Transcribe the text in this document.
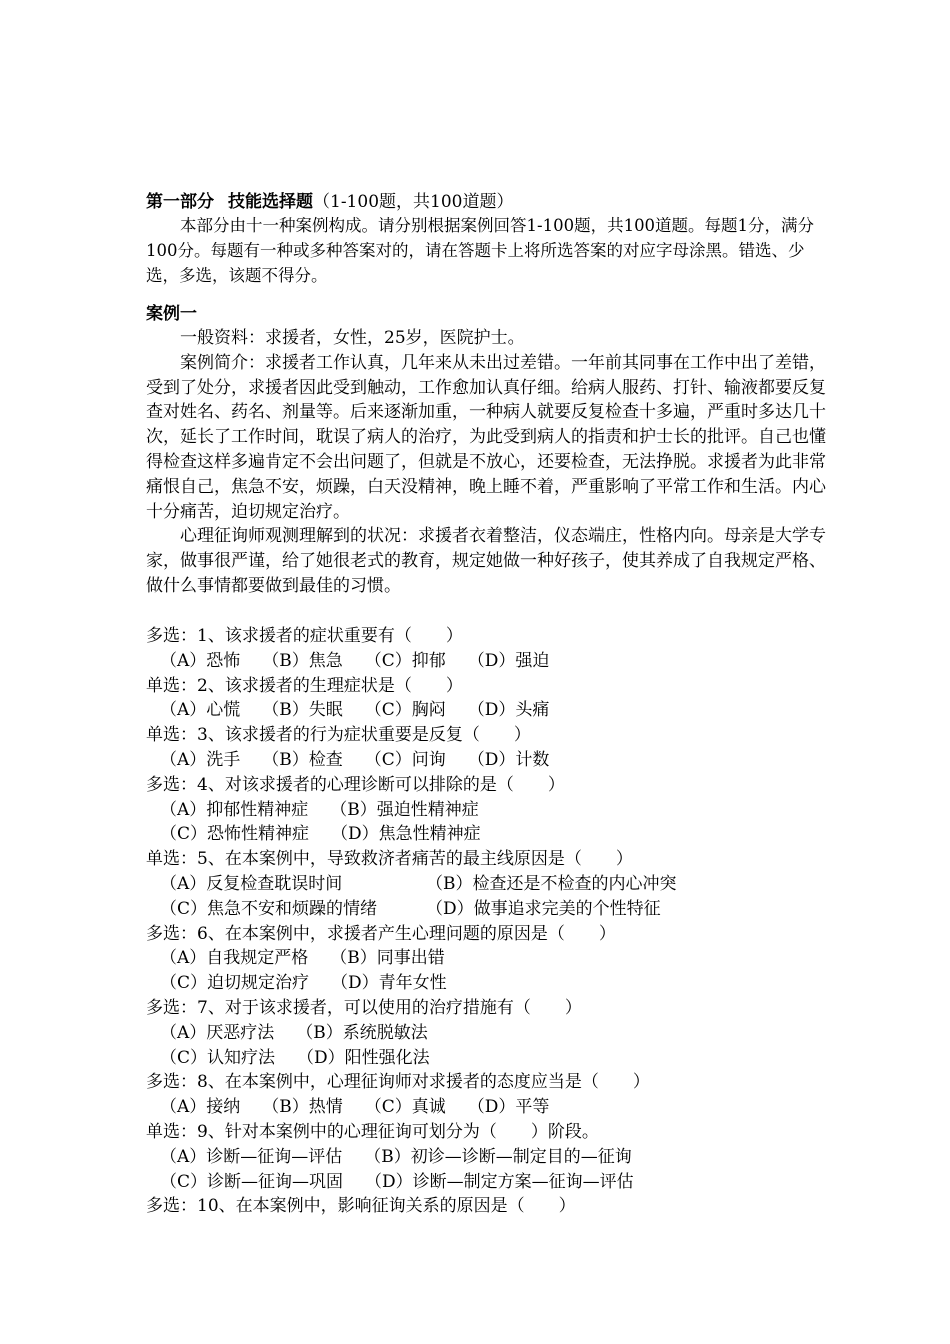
第一部分 技能选择题（1-100题，共100道题）
本部分由十一种案例构成。请分别根据案例回答1-100题，共100道题。每题1分，满分100分。每题有一种或多种答案对的，请在答题卡上将所选答案的对应字母涂黑。错选、少选，多选，该题不得分。
案例一

一般资料：求援者，女性，25岁，医院护士。

案例简介：求援者工作认真，几年来从未出过差错。一年前其同事在工作中出了差错，受到了处分，求援者因此受到触动，工作愈加认真仔细。给病人服药、打针、输液都要反复查对姓名、药名、剂量等。后来逐渐加重，一种病人就要反复检查十多遍，严重时多达几十次，延长了工作时间，耽误了病人的治疗，为此受到病人的指责和护士长的批评。自己也懂得检查这样多遍肯定不会出问题了，但就是不放心，还要检查，无法挣脱。求援者为此非常痛恨自己，焦急不安，烦躁，白天没精神，晚上睡不着，严重影响了平常工作和生活。内心十分痛苦，迫切规定治疗。

心理征询师观测理解到的状况：求援者衣着整洁，仪态端庄，性格内向。母亲是大学专家，做事很严谨，给了她很老式的教育，规定她做一种好孩子，使其养成了自我规定严格、做什么事情都要做到最佳的习惯。

多选：1、该求援者的症状重要有（　　）

（A）恐怖 （B）焦急 （C）抑郁 （D）强迫

单选：2、该求援者的生理症状是（　　）

（A）心慌 （B）失眠 （C）胸闷 （D）头痛

单选：3、该求援者的行为症状重要是反复（　　）

（A）洗手 （B）检查 （C）问询 （D）计数

多选：4、对该求援者的心理诊断可以排除的是（　　）

（A）抑郁性精神症 （B）强迫性精神症

（C）恐怖性精神症 （D）焦急性精神症

单选：5、在本案例中，导致救济者痛苦的最主线原因是（　　）

（A）反复检查耽误时间	（B）检查还是不检查的内心冲突

（C）焦急不安和烦躁的情绪	（D）做事追求完美的个性特征

多选：6、在本案例中，求援者产生心理问题的原因是（　　）

（A）自我规定严格 （B）同事出错

（C）迫切规定治疗 （D）青年女性

多选：7、对于该求援者，可以使用的治疗措施有（　　）

（A）厌恶疗法 （B）系统脱敏法

（C）认知疗法 （D）阳性强化法

多选：8、在本案例中，心理征询师对求援者的态度应当是（　　）

（A）接纳 （B）热情 （C）真诚 （D）平等

单选：9、针对本案例中的心理征询可划分为（　　）阶段。

（A）诊断—征询—评估 （B）初诊—诊断—制定目的—征询

（C）诊断—征询—巩固 （D）诊断—制定方案—征询—评估

多选：10、在本案例中，影响征询关系的原因是（　　）
